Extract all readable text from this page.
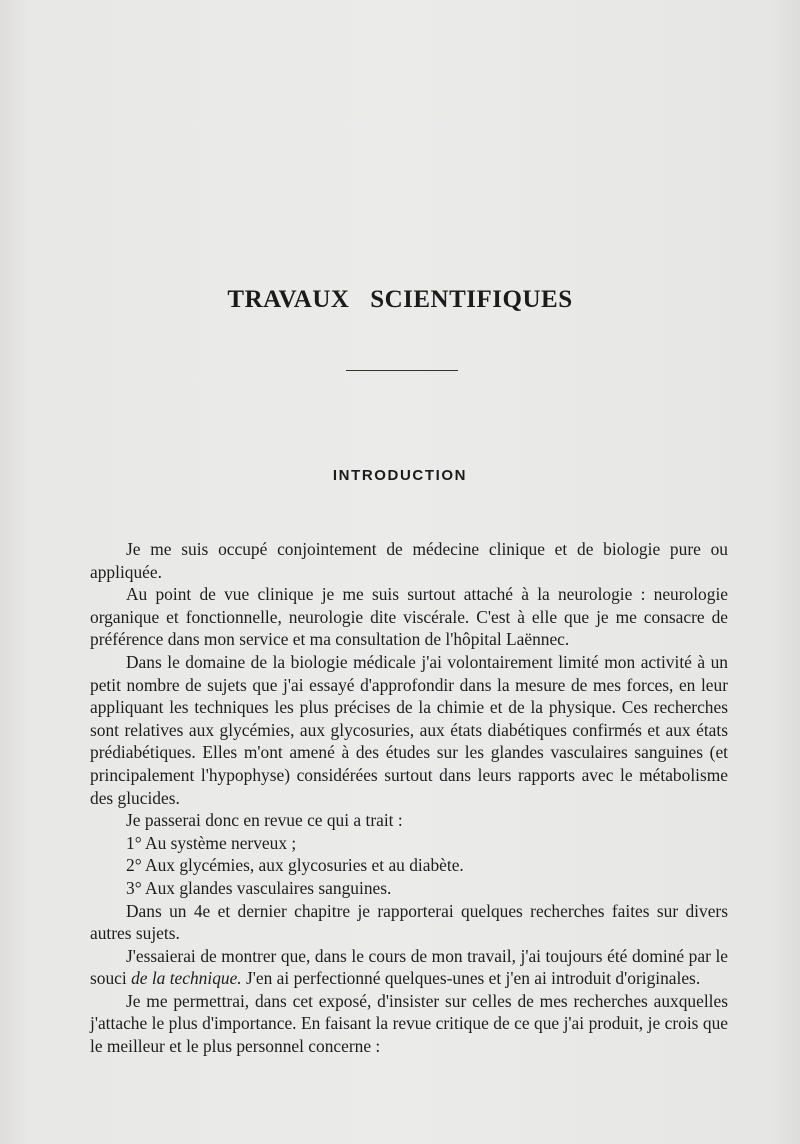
TRAVAUX SCIENTIFIQUES
INTRODUCTION

Je me suis occupé conjointement de médecine clinique et de biologie pure ou appliquée.

Au point de vue clinique je me suis surtout attaché à la neurologie : neurologie organique et fonctionnelle, neurologie dite viscérale. C'est à elle que je me consacre de préférence dans mon service et ma consultation de l'hôpital Laënnec.

Dans le domaine de la biologie médicale j'ai volontairement limité mon activité à un petit nombre de sujets que j'ai essayé d'approfondir dans la mesure de mes forces, en leur appliquant les techniques les plus précises de la chimie et de la physique. Ces recherches sont relatives aux glycémies, aux glycosuries, aux états diabétiques confirmés et aux états prédiabétiques. Elles m'ont amené à des études sur les glandes vasculaires sanguines (et principalement l'hypophyse) considérées surtout dans leurs rapports avec le métabolisme des glucides.

Je passerai donc en revue ce qui a trait :

1° Au système nerveux ;

2° Aux glycémies, aux glycosuries et au diabète.

3° Aux glandes vasculaires sanguines.

Dans un 4e et dernier chapitre je rapporterai quelques recherches faites sur divers autres sujets.

J'essaierai de montrer que, dans le cours de mon travail, j'ai toujours été dominé par le souci de la technique. J'en ai perfectionné quelques-unes et j'en ai introduit d'originales.

Je me permettrai, dans cet exposé, d'insister sur celles de mes recherches auxquelles j'attache le plus d'importance. En faisant la revue critique de ce que j'ai produit, je crois que le meilleur et le plus personnel concerne :
